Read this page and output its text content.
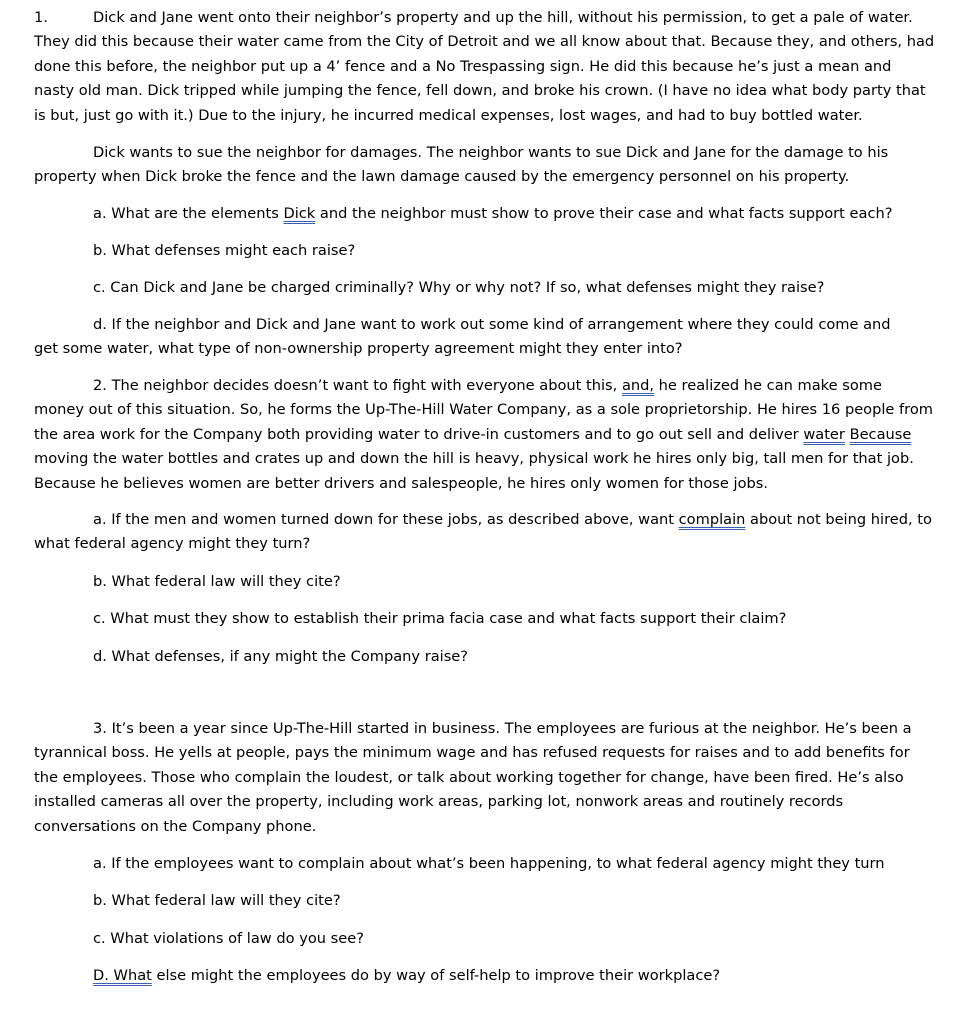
1.	Dick and Jane went onto their neighbor’s property and up the hill, without his permission, to get a pale of water. They did this because their water came from the City of Detroit and we all know about that. Because they, and others, had done this before, the neighbor put up a 4’ fence and a No Trespassing sign. He did this because he’s just a mean and nasty old man. Dick tripped while jumping the fence, fell down, and broke his crown. (I have no idea what body party that is but, just go with it.) Due to the injury, he incurred medical expenses, lost wages, and had to buy bottled water.

Dick wants to sue the neighbor for damages. The neighbor wants to sue Dick and Jane for the damage to his property when Dick broke the fence and the lawn damage caused by the emergency personnel on his property.

a. What are the elements Dick and the neighbor must show to prove their case and what facts support each?

b. What defenses might each raise?

c. Can Dick and Jane be charged criminally? Why or why not? If so, what defenses might they raise?

d. If the neighbor and Dick and Jane want to work out some kind of arrangement where they could come and
get some water, what type of non-ownership property agreement might they enter into?

2. The neighbor decides doesn’t want to fight with everyone about this, and, he realized he can make some money out of this situation. So, he forms the Up-The-Hill Water Company, as a sole proprietorship. He hires 16 people from the area work for the Company both providing water to drive-in customers and to go out sell and deliver water Because moving the water bottles and crates up and down the hill is heavy, physical work he hires only big, tall men for that job. Because he believes women are better drivers and salespeople, he hires only women for those jobs.

a. If the men and women turned down for these jobs, as described above, want complain about not being hired, to what federal agency might they turn?

b. What federal law will they cite?

c. What must they show to establish their prima facia case and what facts support their claim?

d. What defenses, if any might the Company raise?

3. It’s been a year since Up-The-Hill started in business. The employees are furious at the neighbor. He’s been a tyrannical boss. He yells at people, pays the minimum wage and has refused requests for raises and to add benefits for the employees. Those who complain the loudest, or talk about working together for change, have been fired. He’s also installed cameras all over the property, including work areas, parking lot, nonwork areas and routinely records conversations on the Company phone.

a. If the employees want to complain about what’s been happening, to what federal agency might they turn

b. What federal law will they cite?

c. What violations of law do you see?

D. What else might the employees do by way of self-help to improve their workplace?
